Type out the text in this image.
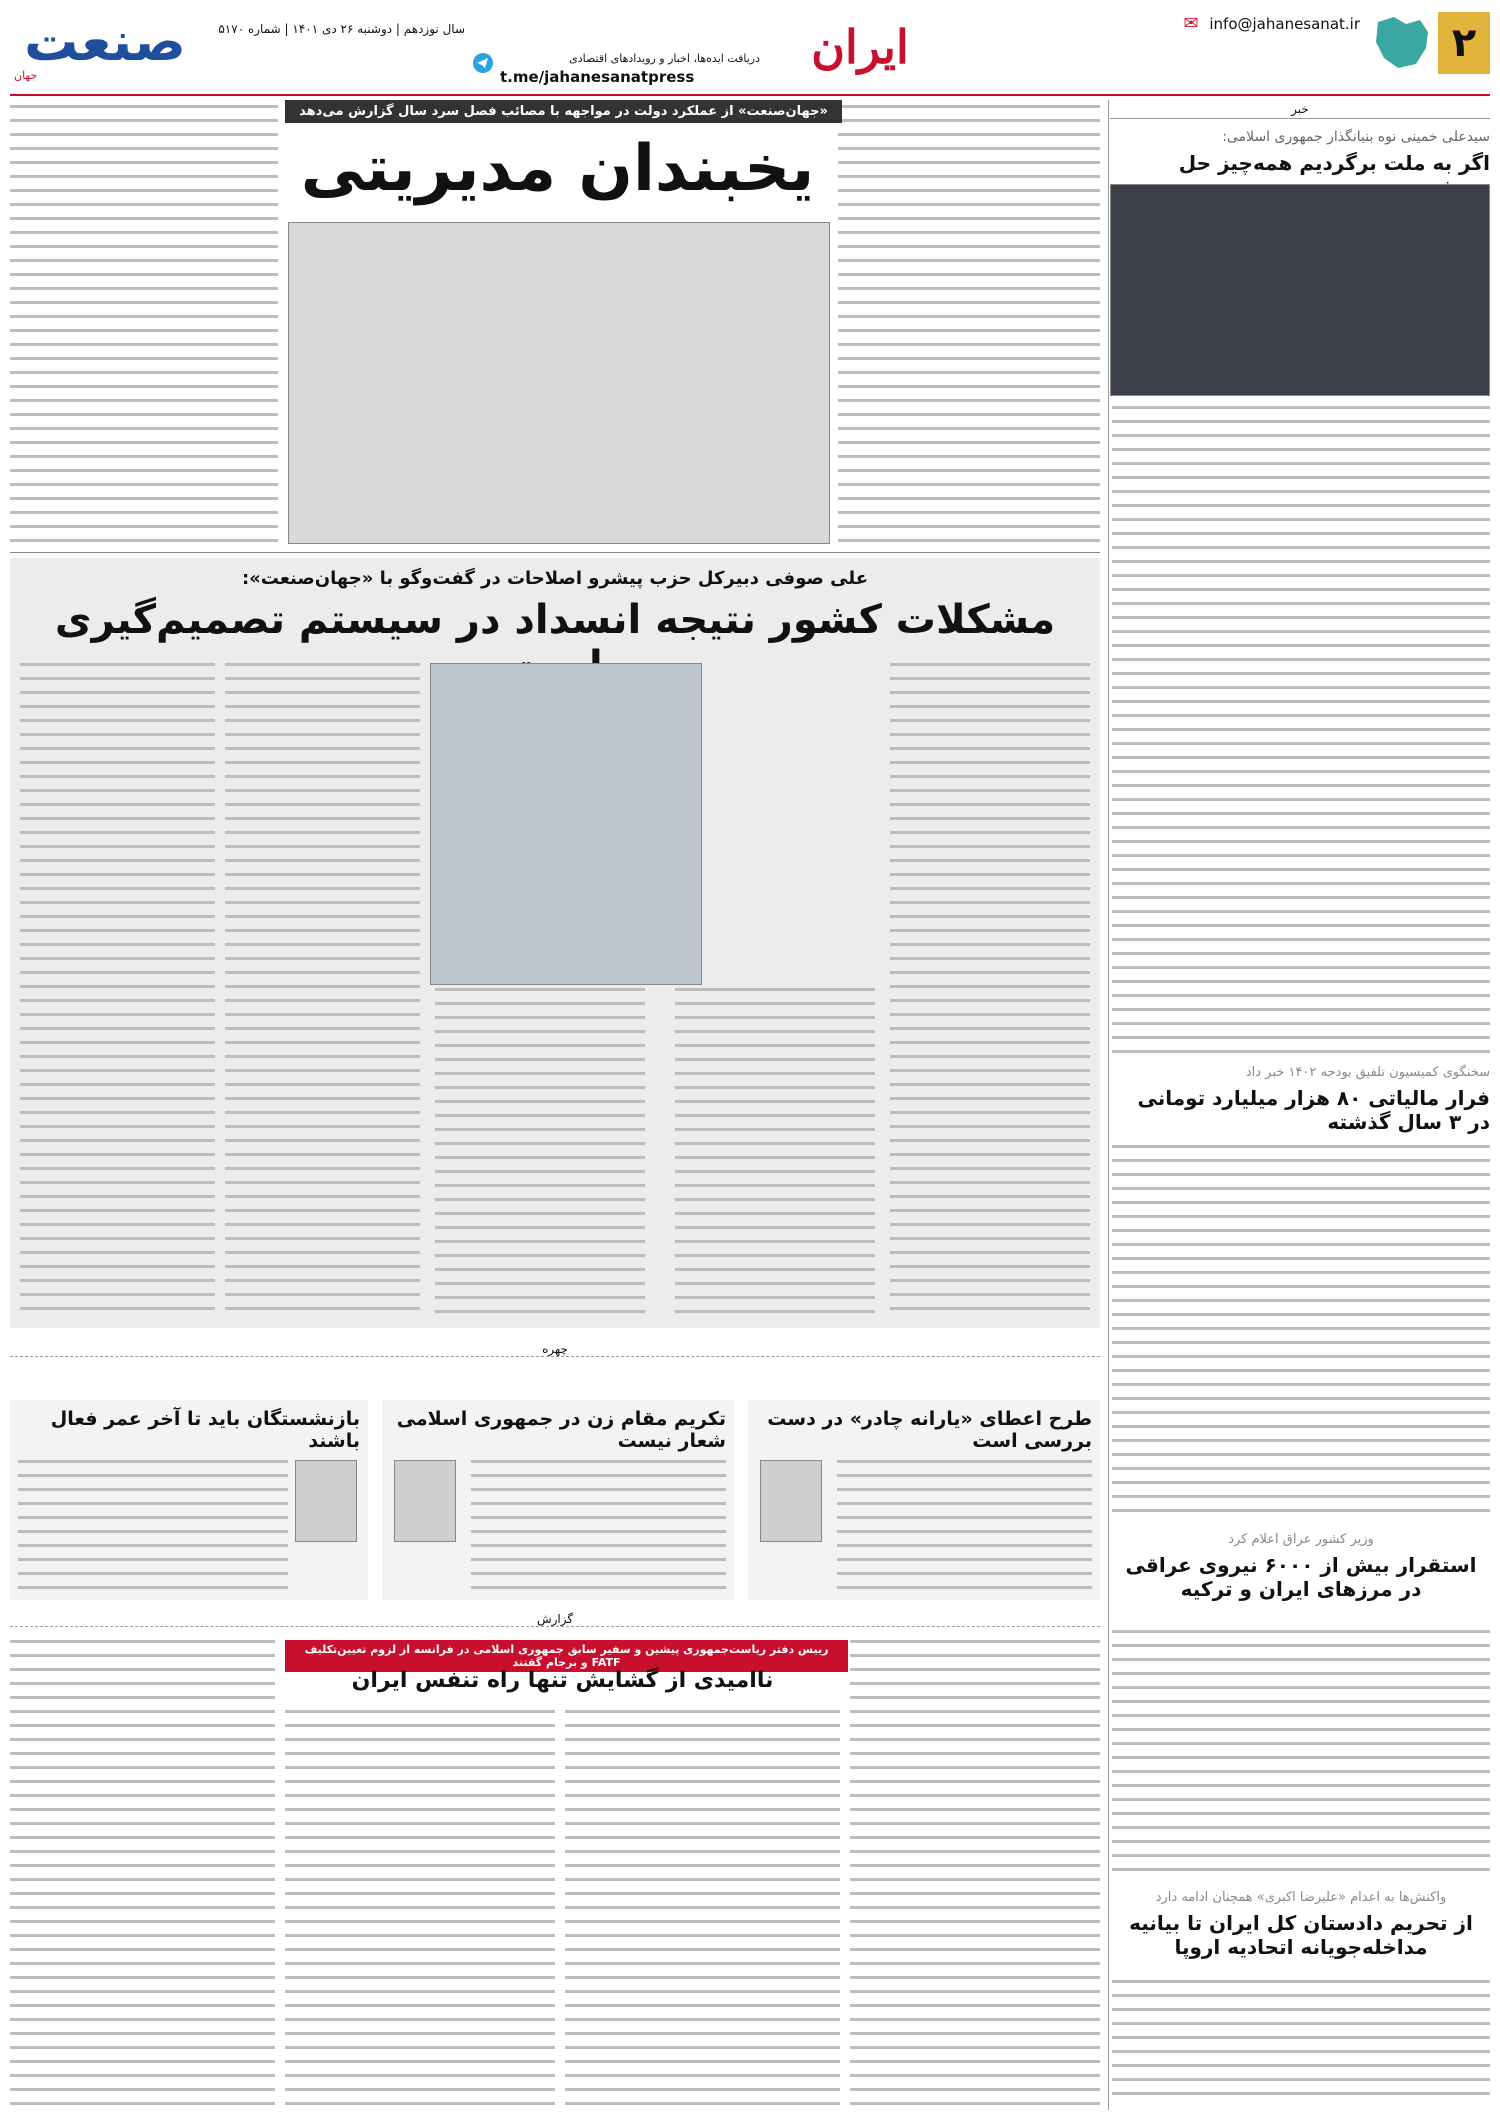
۲
✉ info@jahanesanat.ir
ایران
دریافت ایده‌ها، اخبار و رویدادهای اقتصادی
t.me/jahanesanatpress
سال نوزدهم | دوشنبه ۲۶ دی ۱۴۰۱ | شماره ۵۱۷۰
صنعت
جهان
خبر
سیدعلی خمینی نوه بنیانگذار جمهوری اسلامی:
اگر به ملت برگردیم همه‌چیز حل
سخنگوی کمیسیون تلفیق بودجه ۱۴۰۲ خبر داد
فرار مالیاتی ۸۰ هزار میلیارد تومانی در ۳ سال گذشته
وزیر کشور عراق اعلام کرد
استقرار بیش از ۶۰۰۰ نیروی عراقی در مرزهای ایران و ترکیه
واکنش‌ها به اعدام «علیرضا اکبری» همچنان ادامه دارد
از تحریم دادستان کل ایران تا بیانیه مداخله‌جویانه اتحادیه اروپا
«جهان‌صنعت» از عملکرد دولت در مواجهه با مصائب فصل سرد سال گزارش می‌دهد
یخبندان مدیریتی
علی صوفی دبیرکل حزب پیشرو اصلاحات در گفت‌وگو با «جهان‌صنعت»:
مشکلات کشور نتیجه انسداد در سیستم تصمیم‌گیری
چهره
طرح اعطای «یارانه چادر» در دست بررسی است
تکریم مقام زن در جمهوری اسلامی شعار نیست
بازنشستگان باید تا آخر عمر فعال باشند
گزارش
رییس دفتر ریاست‌جمهوری پیشین و سفیر سابق جمهوری اسلامی در فرانسه از لزوم تعیین‌تکلیف FATF و برجام گفتند
ناامیدی از گشایش تنها راه تنفس ایران
